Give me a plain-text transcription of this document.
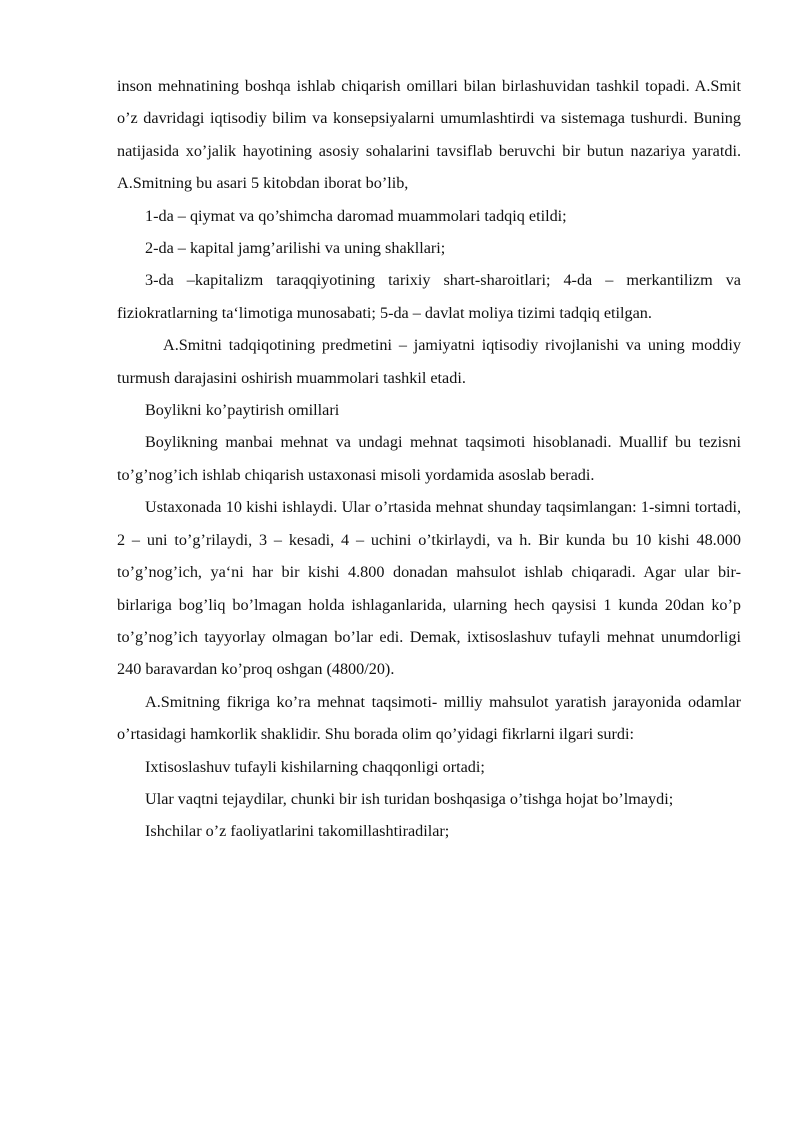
inson mehnatining boshqa ishlab chiqarish omillari bilan birlashuvidan tashkil topadi. A.Smit o’z davridagi iqtisodiy bilim va konsepsiyalarni umumlashtirdi va sistemaga tushurdi. Buning natijasida xo’jalik hayotining asosiy sohalarini tavsiflab beruvchi bir butun nazariya yaratdi. A.Smitning bu asari 5 kitobdan iborat bo’lib,

1-da – qiymat va qo’shimcha daromad muammolari tadqiq etildi;

2-da – kapital jamg’arilishi va uning shakllari;

3-da –kapitalizm taraqqiyotining tarixiy shart-sharoitlari; 4-da – merkantilizm va fiziokratlarning ta‘limotiga munosabati; 5-da – davlat moliya tizimi tadqiq etilgan.

A.Smitni tadqiqotining predmetini – jamiyatni iqtisodiy rivojlanishi va uning moddiy turmush darajasini oshirish muammolari tashkil etadi.

Boylikni ko’paytirish omillari

Boylikning manbai mehnat va undagi mehnat taqsimoti hisoblanadi. Muallif bu tezisni to’g’nog’ich ishlab chiqarish ustaxonasi misoli yordamida asoslab beradi.

Ustaxonada 10 kishi ishlaydi. Ular o’rtasida mehnat shunday taqsimlangan: 1-simni tortadi, 2 – uni to’g’rilaydi, 3 – kesadi, 4 – uchini o’tkirlaydi, va h. Bir kunda bu 10 kishi 48.000 to’g’nog’ich, ya‘ni har bir kishi 4.800 donadan mahsulot ishlab chiqaradi. Agar ular bir-birlariga bog’liq bo’lmagan holda ishlaganlarida, ularning hech qaysisi 1 kunda 20dan ko’p to’g’nog’ich tayyorlay olmagan bo’lar edi. Demak, ixtisoslashuv tufayli mehnat unumdorligi 240 baravardan ko’proq oshgan (4800/20).

A.Smitning fikriga ko’ra mehnat taqsimoti- milliy mahsulot yaratish jarayonida odamlar o’rtasidagi hamkorlik shaklidir. Shu borada olim qo’yidagi fikrlarni ilgari surdi:

Ixtisoslashuv tufayli kishilarning chaqqonligi ortadi;

Ular vaqtni tejaydilar, chunki bir ish turidan boshqasiga o’tishga hojat bo’lmaydi;

Ishchilar o’z faoliyatlarini takomillashtiradilar;
